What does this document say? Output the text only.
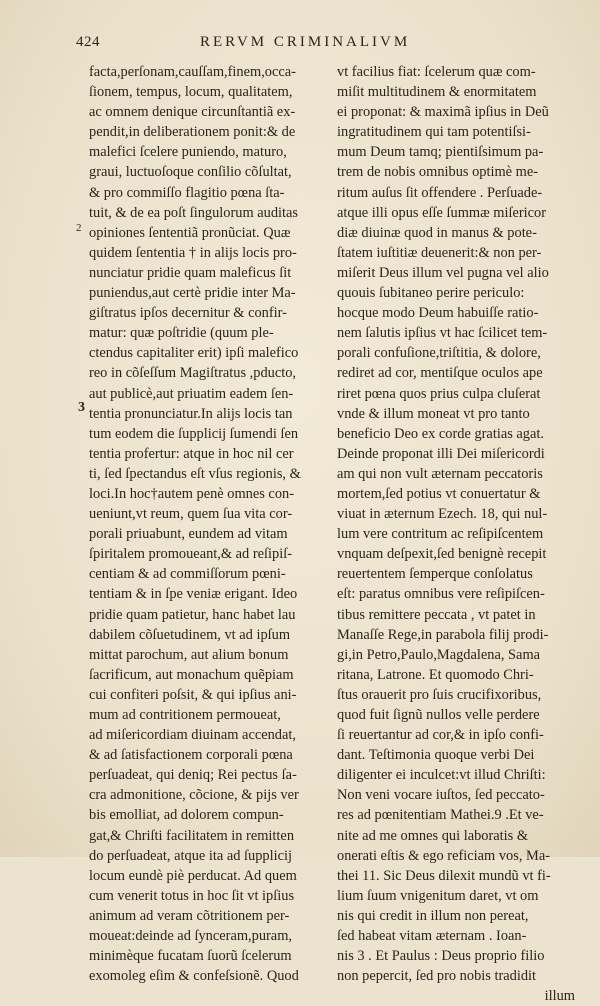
424	RERVM CRIMINALIVM
2
3
facta,perſonam,cauſſam,finem,occa-
ſionem, tempus, locum, qualitatem,
ac omnem denique circunſtantiã ex-
pendit,in deliberationem ponit:& de
malefici ſcelere puniendo, maturo,
graui, luctuoſoque conſilio cõſultat,
& pro commiſſo flagitio pœna ſta-
tuit, & de ea poſt ſingulorum auditas
opiniones ſententiã pronũciat. Quæ
quidem ſententia † in alijs locis pro-
nunciatur pridie quam maleficus ſit
puniendus,aut certè pridie inter Ma-
giſtratus ipſos decernitur & confir-
matur: quæ poſtridie (quum ple-
ctendus capitaliter erit) ipſi malefico
reo in cõſeſſum Magiſtratus ,pducto,
aut publicè,aut priuatim eadem ſen-
tentia pronunciatur.In alijs locis tan
tum eodem die ſupplicij ſumendi ſen
tentia profertur: atque in hoc nil cer
ti, ſed ſpectandus eſt vſus regionis, &
loci.In hoc†autem penè omnes con-
ueniunt,vt reum, quem ſua vita cor-
porali priuabunt, eundem ad vitam
ſpiritalem promoueant,& ad reſipiſ-
centiam & ad commiſſorum pœni-
tentiam & in ſpe veniæ erigant. Ideo
pridie quam patietur, hanc habet lau
dabilem cõſuetudinem, vt ad ipſum
mittat parochum, aut alium bonum
ſacrificum, aut monachum quẽpiam
cui confiteri poſsit, & qui ipſius ani-
mum ad contritionem permoueat,
ad miſericordiam diuinam accendat,
& ad ſatisfactionem corporali pœna
perſuadeat, qui deniq; Rei pectus ſa-
cra admonitione, cõcione, & pijs ver
bis emolliat, ad dolorem compun-
gat,& Chriſti facilitatem in remitten
do perſuadeat, atque ita ad ſupplicij
locum eundè piè perducat. Ad quem
cum venerit totus in hoc ſit vt ipſius
animum ad veram cõtritionem per-
moueat:deinde ad ſynceram,puram,
minimèque fucatam ſuorũ ſcelerum
exomoleg eſim & confeſsionẽ. Quod
vt facilius fiat: ſcelerum quæ com-
miſit multitudinem & enormitatem
ei proponat: & maximã ipſius in Deũ
ingratitudinem qui tam potentiſsi-
mum Deum tamq; pientiſsimum pa-
trem de nobis omnibus optimè me-
ritum auſus ſit offendere . Perſuade-
atque illi opus eſſe ſummæ miſericor
diæ diuinæ quod in manus & pote-
ſtatem iuſtitiæ deuenerit:& non per-
miſerit Deus illum vel pugna vel alio
quouis ſubitaneo perire periculo:
hocque modo Deum habuiſſe ratio-
nem ſalutis ipſius vt hac ſcilicet tem-
porali confuſione,triſtitia, & dolore,
rediret ad cor, mentiſque oculos ape
riret pœna quos prius culpa cluſerat
vnde & illum moneat vt pro tanto
beneficio Deo ex corde gratias agat.
Deinde proponat illi Dei miſericordi
am qui non vult æternam peccatoris
mortem,ſed potius vt conuertatur &
viuat in æternum Ezech. 18, qui nul-
lum vere contritum ac reſipiſcentem
vnquam deſpexit,ſed benignè recepit
reuertentem ſemperque conſolatus
eſt: paratus omnibus vere reſipiſcen-
tibus remittere peccata , vt patet in
Manaſſe Rege,in parabola filij prodi-
gi,in Petro,Paulo,Magdalena, Sama
ritana, Latrone. Et quomodo Chri-
ſtus orauerit pro ſuis crucifixoribus,
quod fuit ſignũ nullos velle perdere
ſi reuertantur ad cor,& in ipſo confi-
dant. Teſtimonia quoque verbi Dei
diligenter ei inculcet:vt illud Chriſti:
Non veni vocare iuſtos, ſed peccato-
res ad pœnitentiam Mathei.9 .Et ve-
nite ad me omnes qui laboratis &
onerati eſtis & ego reficiam vos, Ma-
thei 11. Sic Deus dilexit mundũ vt fi-
lium ſuum vnigenitum daret, vt om
nis qui credit in illum non pereat,
ſed habeat vitam æternam . Ioan-
nis 3 . Et Paulus : Deus proprio filio
non pepercit, ſed pro nobis tradidit
illum
